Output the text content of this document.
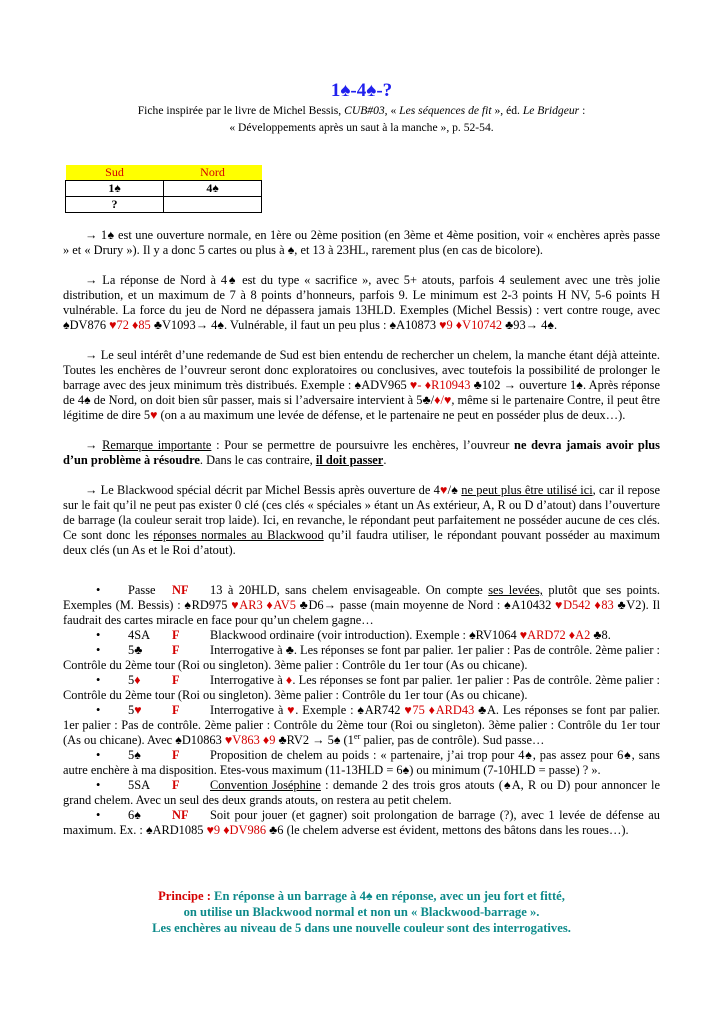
1♠-4♠-?

Fiche inspirée par le livre de Michel Bessis, CUB#03, « Les séquences de fit », éd. Le Bridgeur :

« Développements après un saut à la manche », p. 52-54.

Sud	Nord
1♠	4♠
?	

→ 1♠ est une ouverture normale, en 1ère ou 2ème position (en 3ème et 4ème position, voir « enchères après passe » et « Drury »). Il y a donc 5 cartes ou plus à ♠, et 13 à 23HL, rarement plus (en cas de bicolore).

→ La réponse de Nord à 4♠ est du type « sacrifice », avec 5+ atouts, parfois 4 seulement avec une très jolie distribution, et un maximum de 7 à 8 points d’honneurs, parfois 9. Le minimum est 2-3 points H NV, 5-6 points H vulnérable. La force du jeu de Nord ne dépassera jamais 13HLD. Exemples (Michel Bessis) : vert contre rouge, avec ♠DV876 ♥72 ♦85 ♣V1093→ 4♠. Vulnérable, il faut un peu plus : ♠A10873 ♥9 ♦V10742 ♣93→ 4♠.

→ Le seul intérêt d’une redemande de Sud est bien entendu de rechercher un chelem, la manche étant déjà atteinte. Toutes les enchères de l’ouvreur seront donc exploratoires ou conclusives, avec toutefois la possibilité de prolonger le barrage avec des jeux minimum très distribués. Exemple : ♠ADV965 ♥- ♦R10943 ♣102 → ouverture 1♠. Après réponse de 4♠ de Nord, on doit bien sûr passer, mais si l’adversaire intervient à 5♣/♦/♥, même si le partenaire Contre, il peut être légitime de dire 5♥ (on a au maximum une levée de défense, et le partenaire ne peut en posséder plus de deux…).

→ Remarque importante : Pour se permettre de poursuivre les enchères, l’ouvreur ne devra jamais avoir plus d’un problème à résoudre. Dans le cas contraire, il doit passer.

→ Le Blackwood spécial décrit par Michel Bessis après ouverture de 4♥/♠ ne peut plus être utilisé ici, car il repose sur le fait qu’il ne peut pas exister 0 clé (ces clés « spéciales » étant un As extérieur, A, R ou D d’atout) dans l’ouverture de barrage (la couleur serait trop laide). Ici, en revanche, le répondant peut parfaitement ne posséder aucune de ces clés. Ce sont donc les réponses normales au Blackwood qu’il faudra utiliser, le répondant pouvant posséder au maximum deux clés (un As et le Roi d’atout).

• Passe NF 13 à 20HLD, sans chelem envisageable. On compte ses levées, plutôt que ses points. Exemples (M. Bessis) : ♠RD975 ♥AR3 ♦AV5 ♣D6→ passe (main moyenne de Nord : ♠A10432 ♥D542 ♦83 ♣V2). Il faudrait des cartes miracle en face pour qu’un chelem gagne…

• 4SA F Blackwood ordinaire (voir introduction). Exemple : ♠RV1064 ♥ARD72 ♦A2 ♣8.

• 5♣ F Interrogative à ♣. Les réponses se font par palier. 1er palier : Pas de contrôle. 2ème palier : Contrôle du 2ème tour (Roi ou singleton). 3ème palier : Contrôle du 1er tour (As ou chicane).

• 5♦	F Interrogative à ♦. Les réponses se font par palier. 1er palier : Pas de contrôle. 2ème palier : Contrôle du 2ème tour (Roi ou singleton). 3ème palier : Contrôle du 1er tour (As ou chicane).

• 5♥ F Interrogative à ♥. Exemple : ♠AR742 ♥75 ♦ARD43 ♣A. Les réponses se font par palier. 1er palier : Pas de contrôle. 2ème palier : Contrôle du 2ème tour (Roi ou singleton). 3ème palier : Contrôle du 1er tour (As ou chicane). Avec ♠D10863 ♥V863 ♦9 ♣RV2 → 5♠ (1er palier, pas de contrôle). Sud passe…

• 5♠	F Proposition de chelem au poids : « partenaire, j’ai trop pour 4♠, pas assez pour 6♠, sans autre enchère à ma disposition. Etes-vous maximum (11-13HLD = 6♠) ou minimum (7-10HLD = passe) ? ».

• 5SA F Convention Joséphine : demande 2 des trois gros atouts (♠A, R ou D) pour annoncer le grand chelem. Avec un seul des deux grands atouts, on restera au petit chelem.

• 6♠	NF Soit pour jouer (et gagner) soit prolongation de barrage (?), avec 1 levée de défense au maximum. Ex. : ♠ARD1085 ♥9 ♦DV986 ♣6 (le chelem adverse est évident, mettons des bâtons dans les roues…).

Principe : En réponse à un barrage à 4♠ en réponse, avec un jeu fort et fitté,
on utilise un Blackwood normal et non un « Blackwood-barrage ».
Les enchères au niveau de 5 dans une nouvelle couleur sont des interrogatives.
